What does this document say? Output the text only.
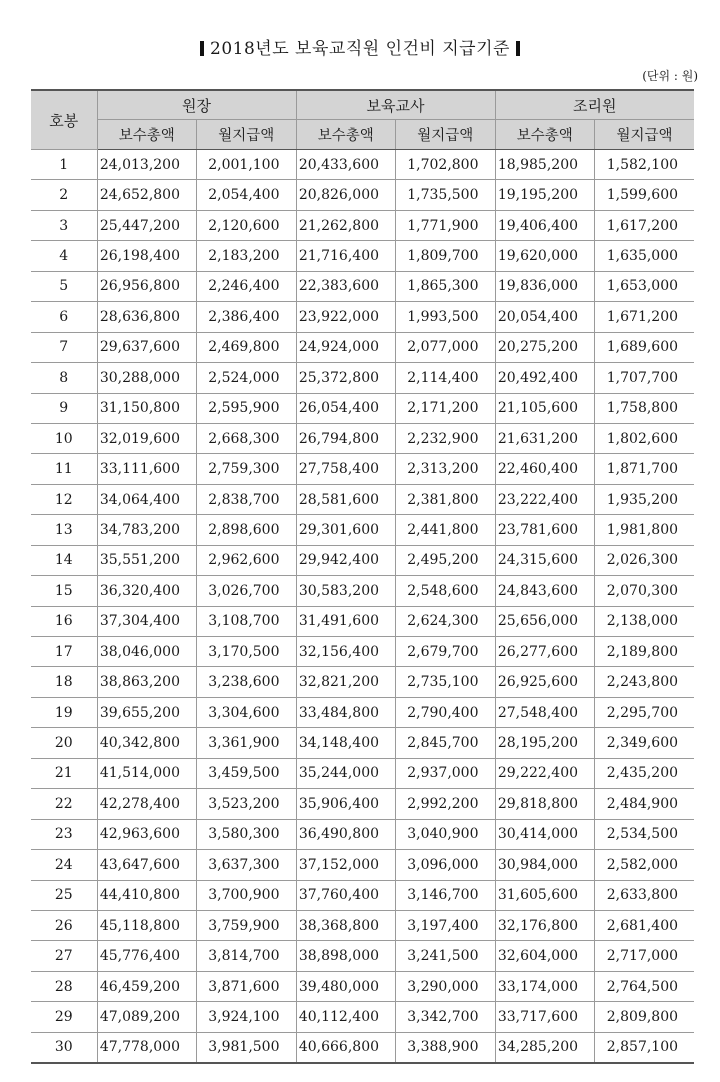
2018년도 보육교직원 인건비 지급기준
(단위 : 원)
호봉	원장		보육교사		조리원	
	보수총액	월지급액	보수총액	월지급액	보수총액	월지급액
1	24,013,200	2,001,100	20,433,600	1,702,800	18,985,200	1,582,100
2	24,652,800	2,054,400	20,826,000	1,735,500	19,195,200	1,599,600
3	25,447,200	2,120,600	21,262,800	1,771,900	19,406,400	1,617,200
4	26,198,400	2,183,200	21,716,400	1,809,700	19,620,000	1,635,000
5	26,956,800	2,246,400	22,383,600	1,865,300	19,836,000	1,653,000
6	28,636,800	2,386,400	23,922,000	1,993,500	20,054,400	1,671,200
7	29,637,600	2,469,800	24,924,000	2,077,000	20,275,200	1,689,600
8	30,288,000	2,524,000	25,372,800	2,114,400	20,492,400	1,707,700
9	31,150,800	2,595,900	26,054,400	2,171,200	21,105,600	1,758,800
10	32,019,600	2,668,300	26,794,800	2,232,900	21,631,200	1,802,600
11	33,111,600	2,759,300	27,758,400	2,313,200	22,460,400	1,871,700
12	34,064,400	2,838,700	28,581,600	2,381,800	23,222,400	1,935,200
13	34,783,200	2,898,600	29,301,600	2,441,800	23,781,600	1,981,800
14	35,551,200	2,962,600	29,942,400	2,495,200	24,315,600	2,026,300
15	36,320,400	3,026,700	30,583,200	2,548,600	24,843,600	2,070,300
16	37,304,400	3,108,700	31,491,600	2,624,300	25,656,000	2,138,000
17	38,046,000	3,170,500	32,156,400	2,679,700	26,277,600	2,189,800
18	38,863,200	3,238,600	32,821,200	2,735,100	26,925,600	2,243,800
19	39,655,200	3,304,600	33,484,800	2,790,400	27,548,400	2,295,700
20	40,342,800	3,361,900	34,148,400	2,845,700	28,195,200	2,349,600
21	41,514,000	3,459,500	35,244,000	2,937,000	29,222,400	2,435,200
22	42,278,400	3,523,200	35,906,400	2,992,200	29,818,800	2,484,900
23	42,963,600	3,580,300	36,490,800	3,040,900	30,414,000	2,534,500
24	43,647,600	3,637,300	37,152,000	3,096,000	30,984,000	2,582,000
25	44,410,800	3,700,900	37,760,400	3,146,700	31,605,600	2,633,800
26	45,118,800	3,759,900	38,368,800	3,197,400	32,176,800	2,681,400
27	45,776,400	3,814,700	38,898,000	3,241,500	32,604,000	2,717,000
28	46,459,200	3,871,600	39,480,000	3,290,000	33,174,000	2,764,500
29	47,089,200	3,924,100	40,112,400	3,342,700	33,717,600	2,809,800
30	47,778,000	3,981,500	40,666,800	3,388,900	34,285,200	2,857,100
